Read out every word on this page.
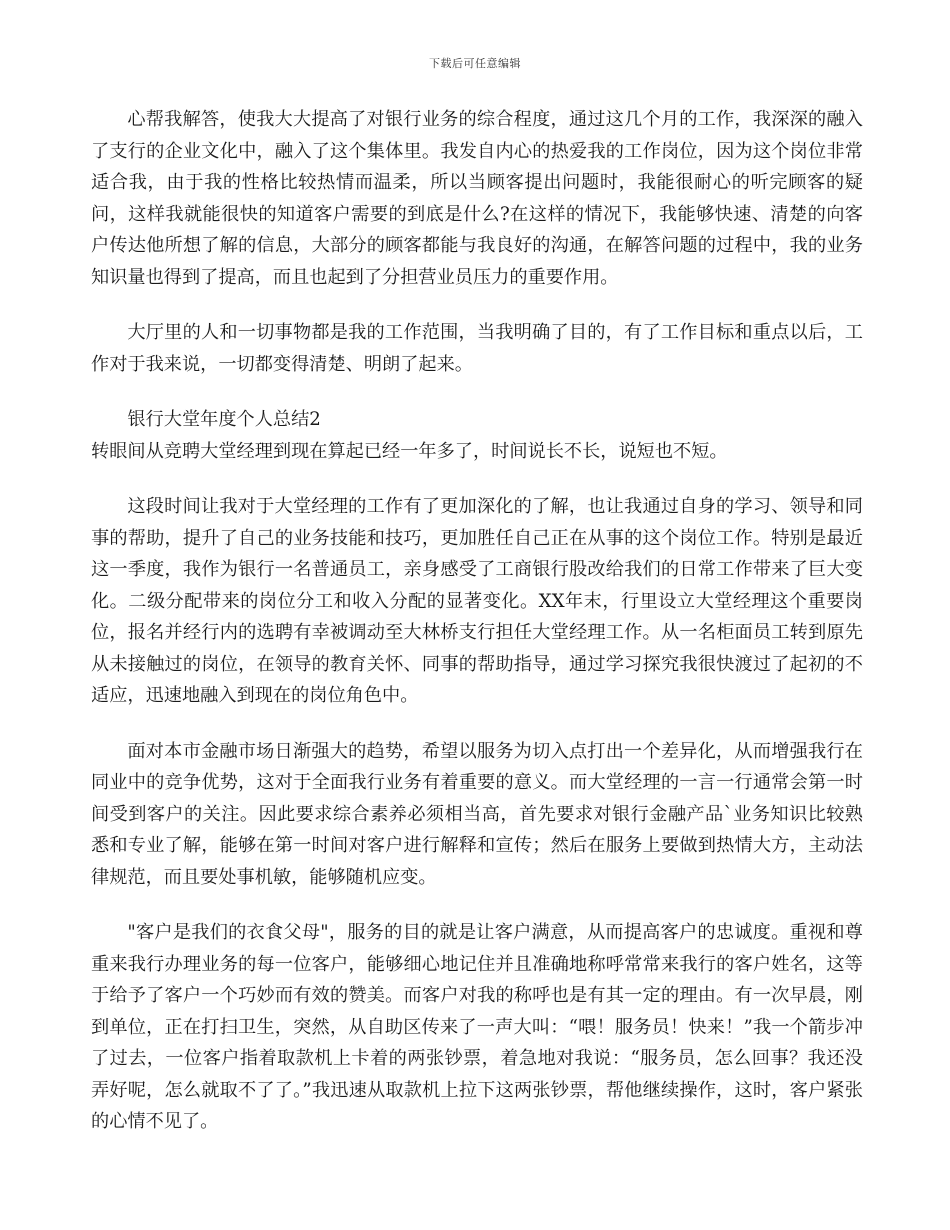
下载后可任意编辑

心帮我解答，使我大大提高了对银行业务的综合程度，通过这几个月的工作，我深深的融入了支行的企业文化中，融入了这个集体里。我发自内心的热爱我的工作岗位，因为这个岗位非常适合我，由于我的性格比较热情而温柔，所以当顾客提出问题时，我能很耐心的听完顾客的疑问，这样我就能很快的知道客户需要的到底是什么?在这样的情况下，我能够快速、清楚的向客户传达他所想了解的信息，大部分的顾客都能与我良好的沟通，在解答问题的过程中，我的业务知识量也得到了提高，而且也起到了分担营业员压力的重要作用。

大厅里的人和一切事物都是我的工作范围，当我明确了目的，有了工作目标和重点以后，工作对于我来说，一切都变得清楚、明朗了起来。

银行大堂年度个人总结2

转眼间从竞聘大堂经理到现在算起已经一年多了，时间说长不长，说短也不短。

这段时间让我对于大堂经理的工作有了更加深化的了解，也让我通过自身的学习、领导和同事的帮助，提升了自己的业务技能和技巧，更加胜任自己正在从事的这个岗位工作。特别是最近这一季度，我作为银行一名普通员工，亲身感受了工商银行股改给我们的日常工作带来了巨大变化。二级分配带来的岗位分工和收入分配的显著变化。XX年末，行里设立大堂经理这个重要岗位，报名并经行内的选聘有幸被调动至大林桥支行担任大堂经理工作。从一名柜面员工转到原先从未接触过的岗位，在领导的教育关怀、同事的帮助指导，通过学习探究我很快渡过了起初的不适应，迅速地融入到现在的岗位角色中。

面对本市金融市场日渐强大的趋势，希望以服务为切入点打出一个差异化，从而增强我行在同业中的竞争优势，这对于全面我行业务有着重要的意义。而大堂经理的一言一行通常会第一时间受到客户的关注。因此要求综合素养必须相当高，首先要求对银行金融产品`业务知识比较熟悉和专业了解，能够在第一时间对客户进行解释和宣传；然后在服务上要做到热情大方，主动法律规范，而且要处事机敏，能够随机应变。

"客户是我们的衣食父母"，服务的目的就是让客户满意，从而提高客户的忠诚度。重视和尊重来我行办理业务的每一位客户，能够细心地记住并且准确地称呼常常来我行的客户姓名，这等于给予了客户一个巧妙而有效的赞美。而客户对我的称呼也是有其一定的理由。有一次早晨，刚到单位，正在打扫卫生，突然，从自助区传来了一声大叫：“喂！服务员！快来！”我一个箭步冲了过去，一位客户指着取款机上卡着的两张钞票，着急地对我说：“服务员，怎么回事？我还没弄好呢，怎么就取不了了。”我迅速从取款机上拉下这两张钞票，帮他继续操作，这时，客户紧张的心情不见了。
